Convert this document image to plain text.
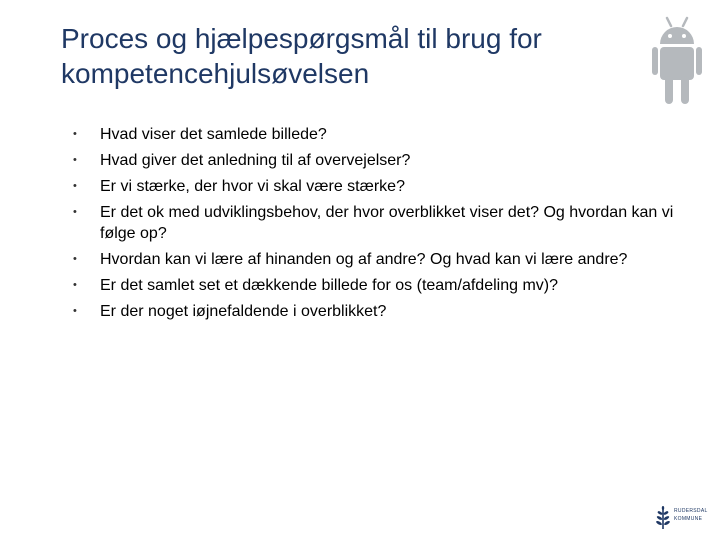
Proces og hjælpespørgsmål til brug for kompetencehjulsøvelsen
•	Hvad viser det samlede billede?
•	Hvad giver det anledning til af overvejelser?
•	Er vi stærke, der hvor vi skal være stærke?
•	Er det ok med udviklingsbehov, der hvor overblikket viser det? Og hvordan kan vi følge op?
•	Hvordan kan vi lære af hinanden og af andre? Og hvad kan vi lære andre?
•	Er det samlet set et dækkende billede for os (team/afdeling mv)?
•	Er der noget iøjnefaldende i overblikket?
RUDERSDAL
KOMMUNE
